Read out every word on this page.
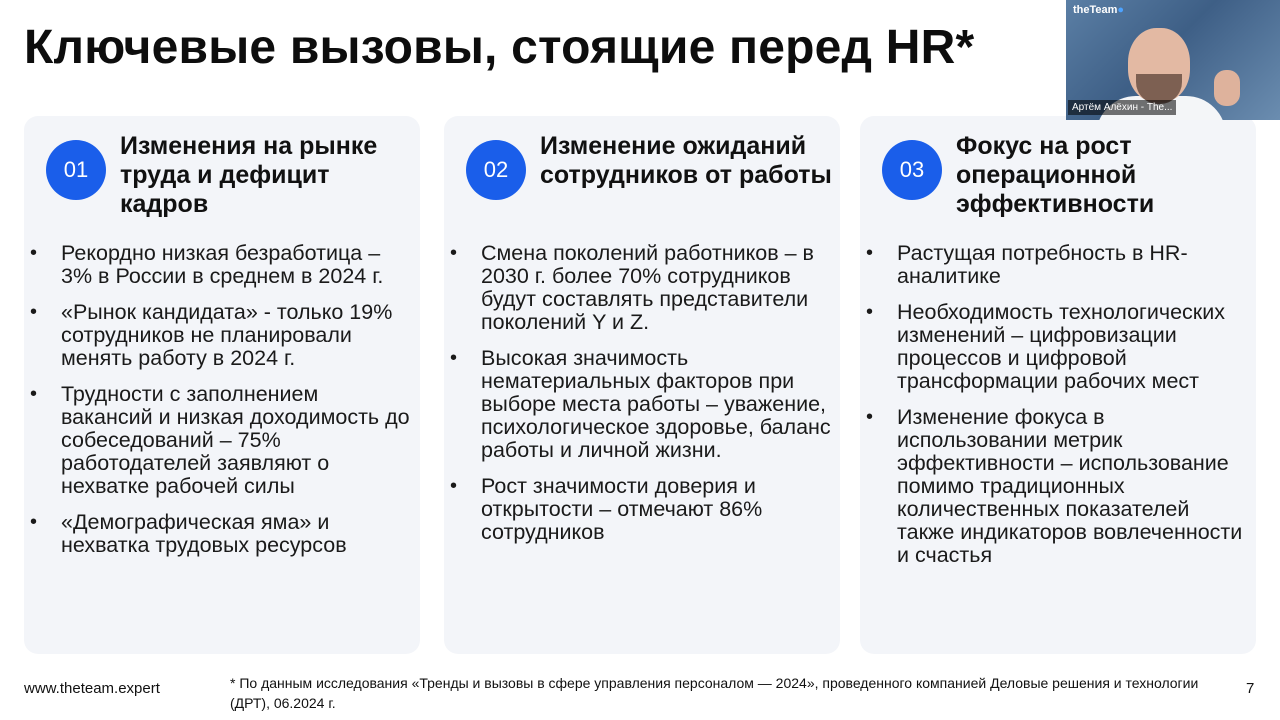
Ключевые вызовы, стоящие перед HR*
01
Изменения на рынке труда и дефицит кадров
• Рекордно низкая безработица – 3% в России в среднем в 2024 г.
• «Рынок кандидата» - только 19% сотрудников не планировали менять работу в 2024 г.
• Трудности с заполнением вакансий и низкая доходимость до собеседований – 75% работодателей заявляют о нехватке рабочей силы
• «Демографическая яма» и нехватка трудовых ресурсов
02
Изменение ожиданий сотрудников от работы
• Смена поколений работников – в 2030 г. более 70% сотрудников будут составлять представители поколений Y и Z.
• Высокая значимость нематериальных факторов при выборе места работы – уважение, психологическое здоровье, баланс работы и личной жизни.
• Рост значимости доверия и открытости – отмечают 86% сотрудников
03
Фокус на рост операционной эффективности
• Растущая потребность в HR-аналитике
• Необходимость технологических изменений – цифровизации процессов и цифровой трансформации рабочих мест
• Изменение фокуса в использовании метрик эффективности – использование помимо традиционных количественных показателей также индикаторов вовлеченности и счастья
theTeam●
Артём Алёхин - The...
www.theteam.expert	* По данным исследования «Тренды и вызовы в сфере управления персоналом — 2024», проведенного компанией Деловые решения и технологии (ДРТ), 06.2024 г.
7
